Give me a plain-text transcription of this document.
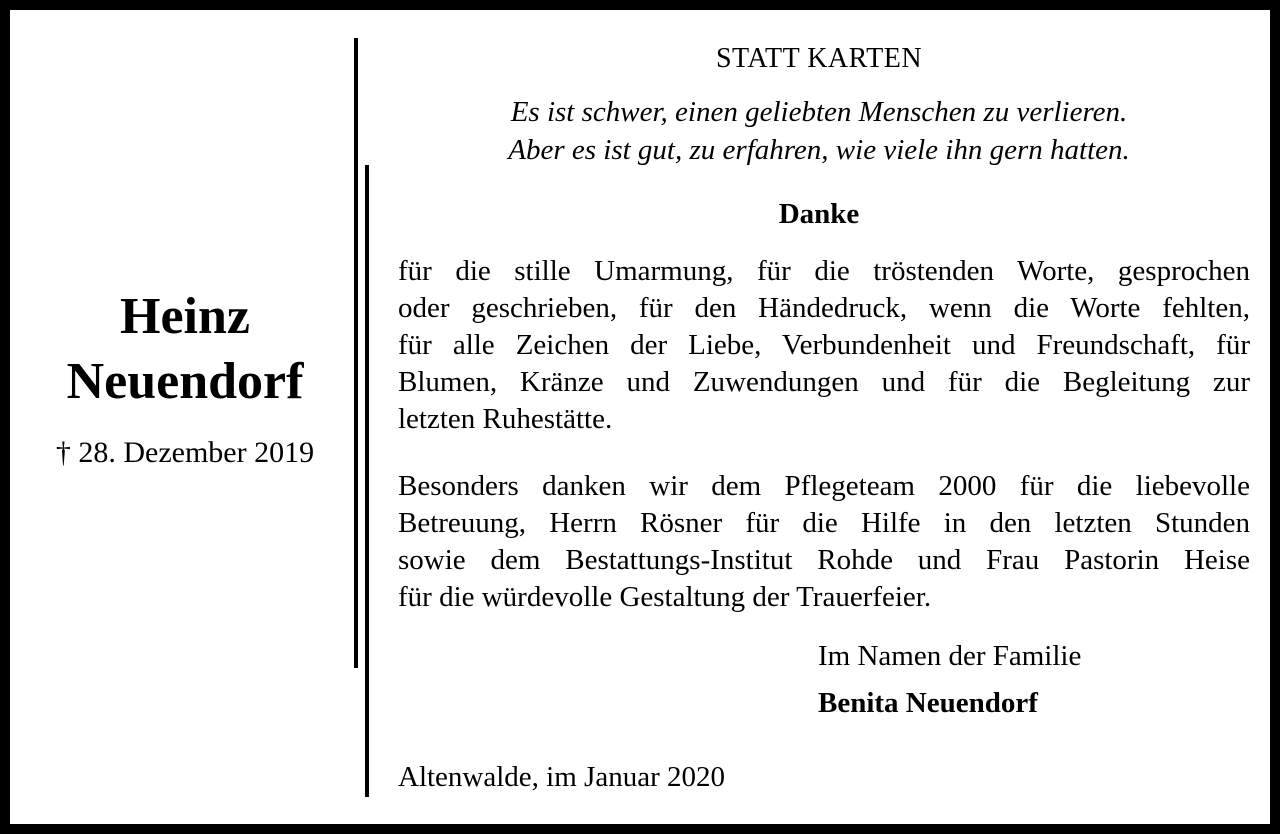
Heinz
Neuendorf
† 28. Dezember 2019
STATT KARTEN
Es ist schwer, einen geliebten Menschen zu verlieren.
Aber es ist gut, zu erfahren, wie viele ihn gern hatten.
Danke
für die stille Umarmung, für die tröstenden Worte, gesprochen
oder geschrieben, für den Händedruck, wenn die Worte fehlten,
für alle Zeichen der Liebe, Verbundenheit und Freundschaft, für
Blumen, Kränze und Zuwendungen und für die Begleitung zur
letzten Ruhestätte.
Besonders danken wir dem Pflegeteam 2000 für die liebevolle
Betreuung, Herrn Rösner für die Hilfe in den letzten Stunden
sowie dem Bestattungs-Institut Rohde und Frau Pastorin Heise
für die würdevolle Gestaltung der Trauerfeier.
Im Namen der Familie
Benita Neuendorf
Altenwalde, im Januar 2020
